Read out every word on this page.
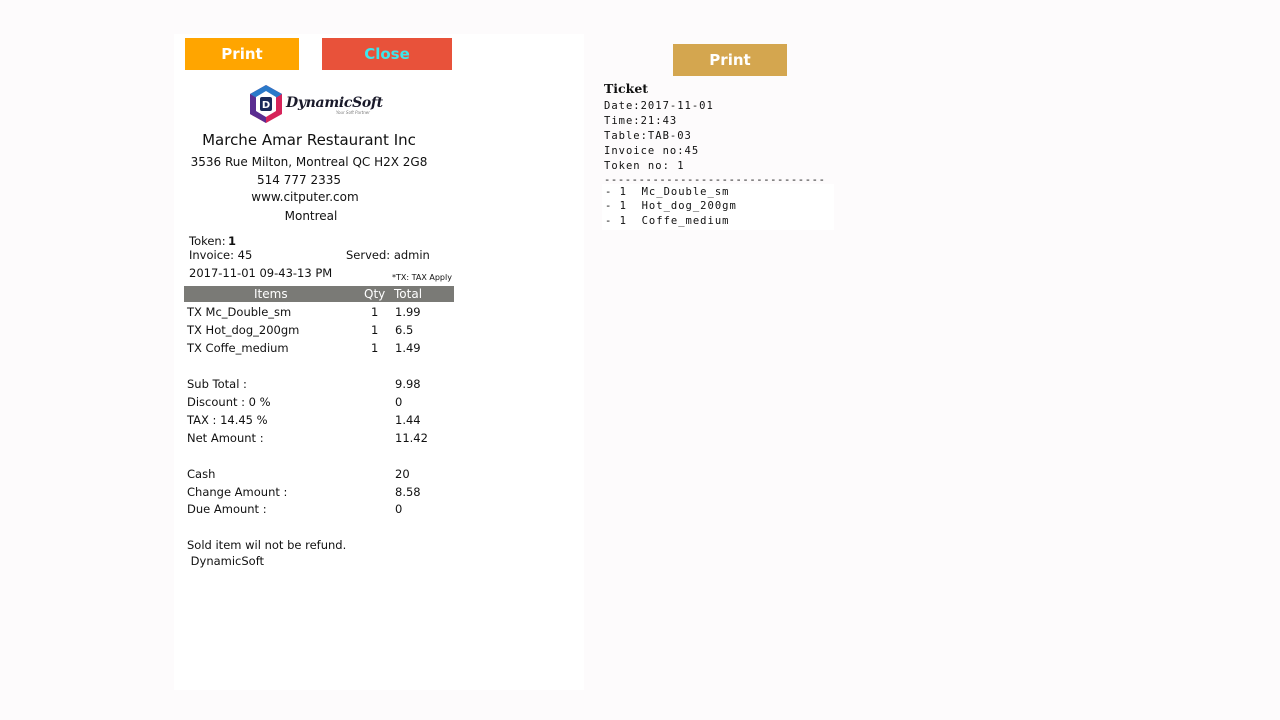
Print	Close
D DynamicSoft
Your Soft Partner
Marche Amar Restaurant Inc
3536 Rue Milton, Montreal QC H2X 2G8
514 777 2335
www.citputer.com
Montreal
Token: 1
Invoice: 45	Served: admin
2017-11-01 09-43-13 PM	*TX: TAX Apply
Items	Qty Total
TX Mc_Double_sm	1 1.99
TX Hot_dog_200gm	1 6.5
TX Coffe_medium	1 1.49
Sub Total :	9.98
Discount : 0 %	0
TAX : 14.45 %	1.44
Net Amount :	11.42
Cash	20
Change Amount :	8.58
Due Amount :	0
Sold item wil not be refund.
DynamicSoft
Print
Ticket
Date:2017-11-01
Time:21:43
Table:TAB-03
Invoice no:45
Token no: 1
--------------------------------
- 1  Mc_Double_sm
- 1  Hot_dog_200gm
- 1  Coffe_medium
